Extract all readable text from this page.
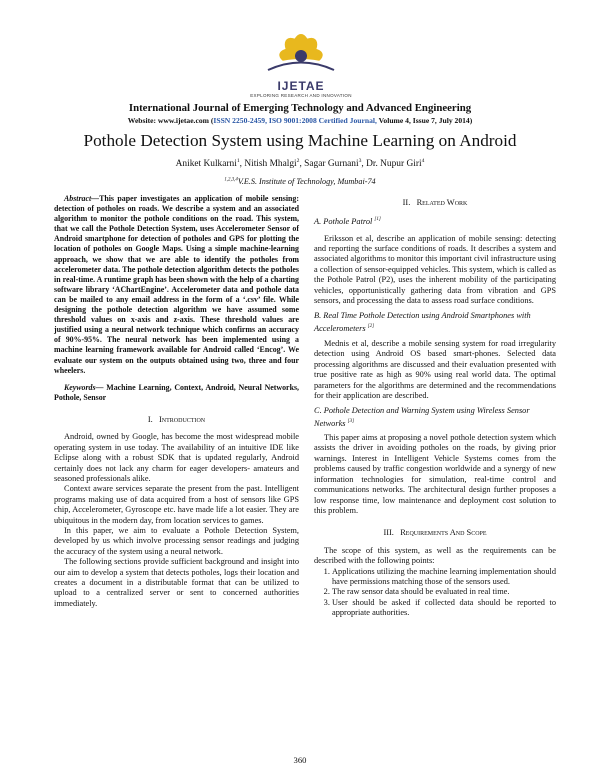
IJETAE
EXPLORING RESEARCH AND INNOVATION
International Journal of Emerging Technology and Advanced Engineering
Website: www.ijetae.com (ISSN 2250-2459, ISO 9001:2008 Certified Journal, Volume 4, Issue 7, July 2014)
Pothole Detection System using Machine Learning on Android
Aniket Kulkarni$^1$, Nitish Mhalgi$^2$, Sagar Gurnani$^3$, Dr. Nupur Giri$^4$
$^{1,2,3,4}$V.E.S. Institute of Technology, Mumbai-74

Abstract—This paper investigates an application of mobile sensing: detection of potholes on roads. We describe a system and an associated algorithm to monitor the pothole conditions on the road. This system, that we call the Pothole Detection System, uses Accelerometer Sensor of Android smartphone for detection of potholes and GPS for plotting the location of potholes on Google Maps. Using a simple machine-learning approach, we show that we are able to identify the potholes from accelerometer data. The pothole detection algorithm detects the potholes in real-time. A runtime graph has been shown with the help of a charting software library ‘AChartEngine’. Accelerometer data and pothole data can be mailed to any email address in the form of a ‘.csv’ file. While designing the pothole detection algorithm we have assumed some threshold values on x-axis and z-axis. These threshold values are justified using a neural network technique which confirms an accuracy of 90%-95%. The neural network has been implemented using a machine learning framework available for Android called ‘Encog’. We evaluate our system on the outputs obtained using two, three and four wheelers.

Keywords— Machine Learning, Context, Android, Neural Networks, Pothole, Sensor

I. Introduction

Android, owned by Google, has become the most widespread mobile operating system in use today. The availability of an intuitive IDE like Eclipse along with a robust SDK that is updated regularly, Android certainly does not lack any charm for eager developers- amateurs and seasoned professionals alike.

Context aware services separate the present from the past. Intelligent programs making use of data acquired from a host of sensors like GPS chip, Accelerometer, Gyroscope etc. have made life a lot easier. They are ubiquitous in the modern day, from location services to games.

In this paper, we aim to evaluate a Pothole Detection System, developed by us which involve processing sensor readings and judging the accuracy of the system using a neural network.

The following sections provide sufficient background and insight into our aim to develop a system that detects potholes, logs their location and creates a document in a distributable format that can be utilized to upload to a centralized server or sent to concerned authorities immediately.

II. Related Work
A. Pothole Patrol [1]

Eriksson et al, describe an application of mobile sensing: detecting and reporting the surface conditions of roads. It describes a system and associated algorithms to monitor this important civil infrastructure using a collection of sensor-equipped vehicles. This system, which is called as the Pothole Patrol (P2), uses the inherent mobility of the participating vehicles, opportunistically gathering data from vibration and GPS sensors, and processing the data to assess road surface conditions.

B. Real Time Pothole Detection using Android Smartphones with Accelerometers [2]

Mednis et al, describe a mobile sensing system for road irregularity detection using Android OS based smart-phones. Selected data processing algorithms are discussed and their evaluation presented with true positive rate as high as 90% using real world data. The optimal parameters for the algorithms are determined and the recommendations for their application are described.

C. Pothole Detection and Warning System using Wireless Sensor Networks [3]

This paper aims at proposing a novel pothole detection system which assists the driver in avoiding potholes on the roads, by giving prior warnings. Interest in Intelligent Vehicle Systems comes from the problems caused by traffic congestion worldwide and a synergy of new information technologies for simulation, real-time control and communications networks. The architectural design further proposes a low response time, low maintenance and deployment cost solution to this problem.

III. Requirements And Scope

The scope of this system, as well as the requirements can be described with the following points:

1. Applications utilizing the machine learning implementation should have permissions matching those of the sensors used.
2. The raw sensor data should be evaluated in real time.
3. User should be asked if collected data should be reported to appropriate authorities.
360
